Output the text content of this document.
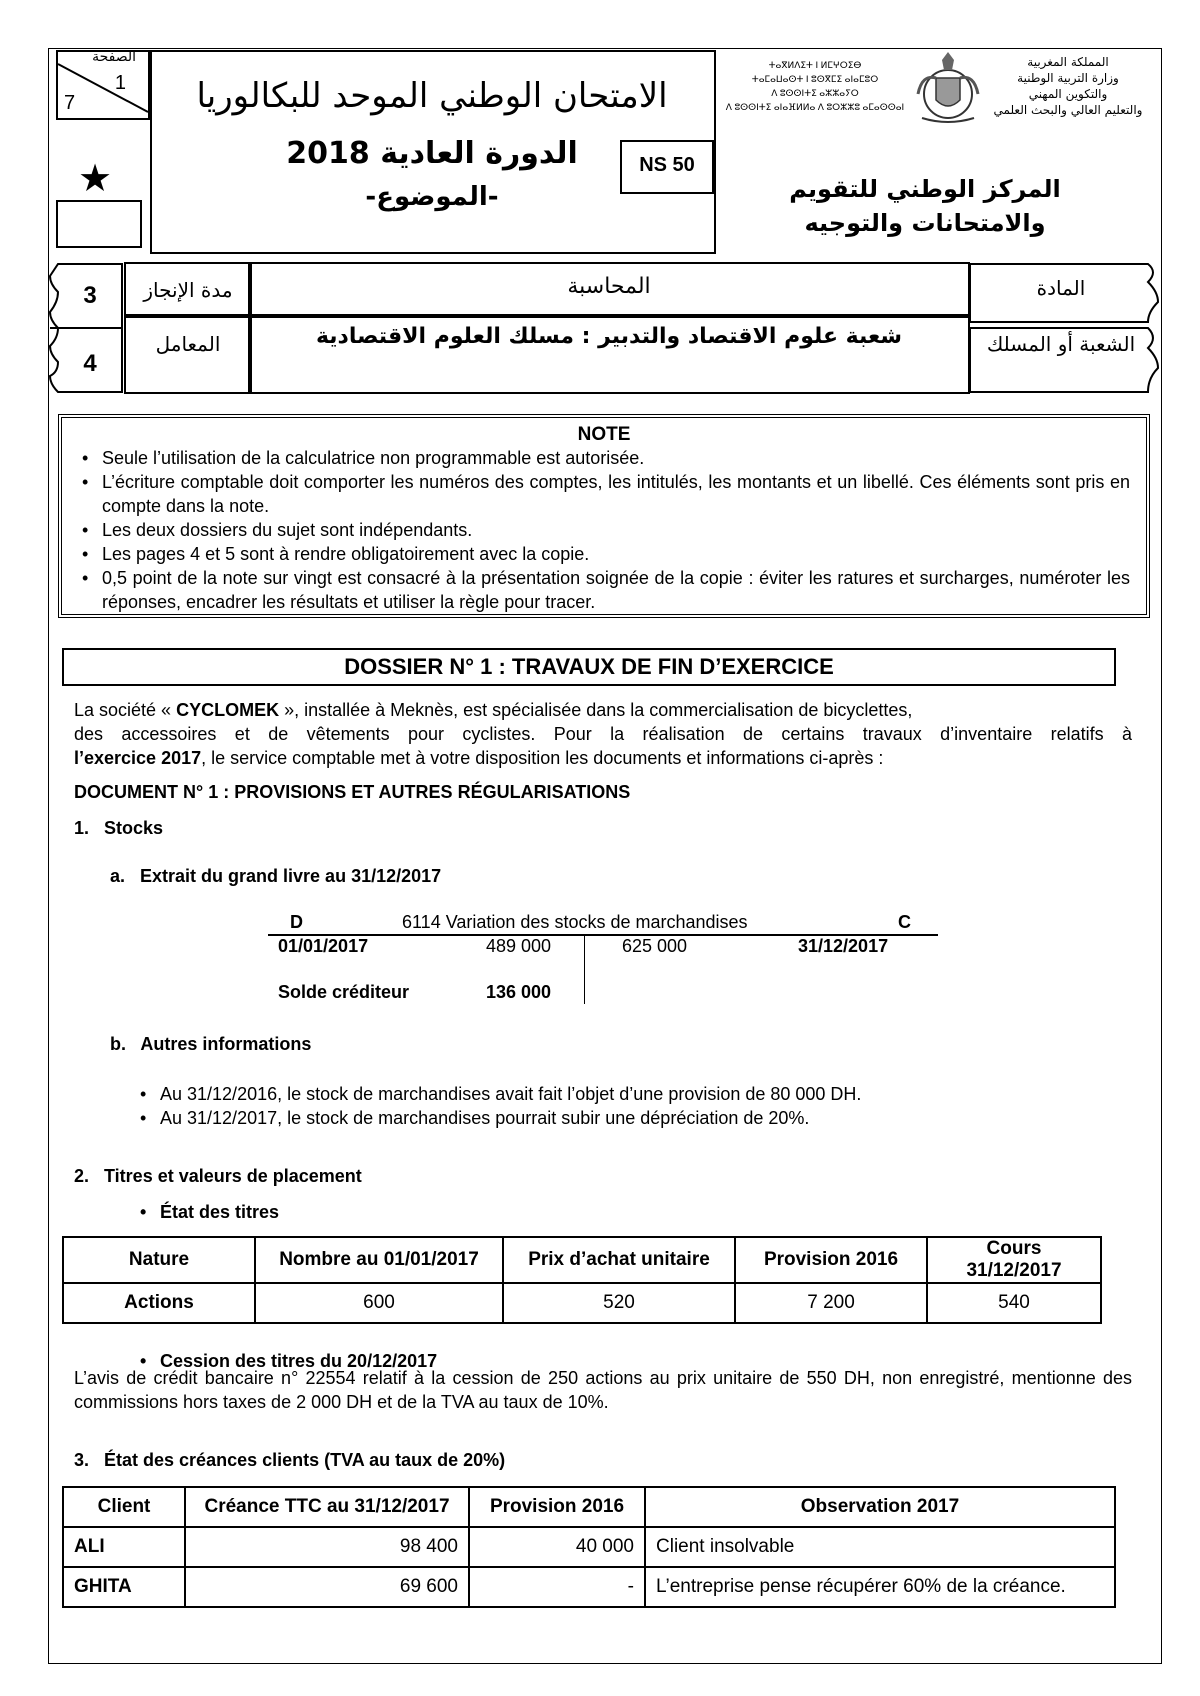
الصفحة
1
7
★
الامتحان الوطني الموحد للبكالوريا
الدورة العادية 2018
-الموضوع-
NS 50
ⵜⴰⴳⵍⴷⵉⵜ ⵏ ⵍⵎⵖⵔⵉⴱ
ⵜⴰⵎⴰⵡⴰⵙⵜ ⵏ ⵓⵙⴳⵎⵉ ⴰⵏⴰⵎⵓⵔ
ⴷ ⵓⵙⵙⵏⵜⵉ ⴰⵣⵣⴰⵢⵔ
ⴷ ⵓⵙⵙⵏⵜⵉ ⴰⵏⴰⴼⵍⵍⴰ ⴷ ⵓⵔⵣⵣⵓ ⴰⵎⴰⵙⵙⴰⵏ
المملكة المغربية
وزارة التربية الوطنية
والتكوين المهني
والتعليم العالي والبحث العلمي
المركز الوطني للتقويم والامتحانات والتوجيه
3
4
مدة الإنجاز
المعامل
المحاسبة
شعبة علوم الاقتصاد والتدبير : مسلك العلوم الاقتصادية
المادة
الشعبة أو المسلك
NOTE
• Seule l’utilisation de la calculatrice non programmable est autorisée.
• L’écriture comptable doit comporter les numéros des comptes, les intitulés, les montants et un libellé. Ces éléments sont pris en compte dans la note.
• Les deux dossiers du sujet sont indépendants.
• Les pages 4 et 5 sont à rendre obligatoirement avec la copie.
• 0,5 point de la note sur vingt est consacré à la présentation soignée de la copie : éviter les ratures et surcharges, numéroter les réponses, encadrer les résultats et utiliser la règle pour tracer.
DOSSIER N° 1 : TRAVAUX DE FIN D’EXERCICE

La société « CYCLOMEK », installée à Meknès, est spécialisée dans la commercialisation de bicyclettes,

des accessoires et de vêtements pour cyclistes. Pour la réalisation de certains travaux d’inventaire relatifs à

l’exercice 2017, le service comptable met à votre disposition les documents et informations ci-après :

DOCUMENT N° 1 : PROVISIONS ET AUTRES RÉGULARISATIONS
1.   Stocks
a.   Extrait du grand livre au 31/12/2017
D	6114 Variation des stocks de marchandises	C
01/01/2017	489 000	625 000	31/12/2017
Solde créditeur	136 000
b.   Autres informations
• Au 31/12/2016, le stock de marchandises avait fait l’objet d’une provision de 80 000 DH.
• Au 31/12/2017, le stock de marchandises pourrait subir une dépréciation de 20%.
2.   Titres et valeurs de placement
• État des titres
Nature	Nombre au 01/01/2017	Prix d’achat unitaire	Provision 2016	Cours 31/12/2017
Actions	600	520	7 200	540
• Cession des titres du 20/12/2017

L’avis de crédit bancaire n° 22554 relatif à la cession de 250 actions au prix unitaire de 550 DH, non enregistré, mentionne des commissions hors taxes de 2 000 DH et de la TVA au taux de 10%.

3.   État des créances clients (TVA au taux de 20%)
Client	Créance TTC au 31/12/2017	Provision 2016	Observation 2017
ALI	98 400	40 000	Client insolvable
GHITA	69 600	-	L’entreprise pense récupérer 60% de la créance.
